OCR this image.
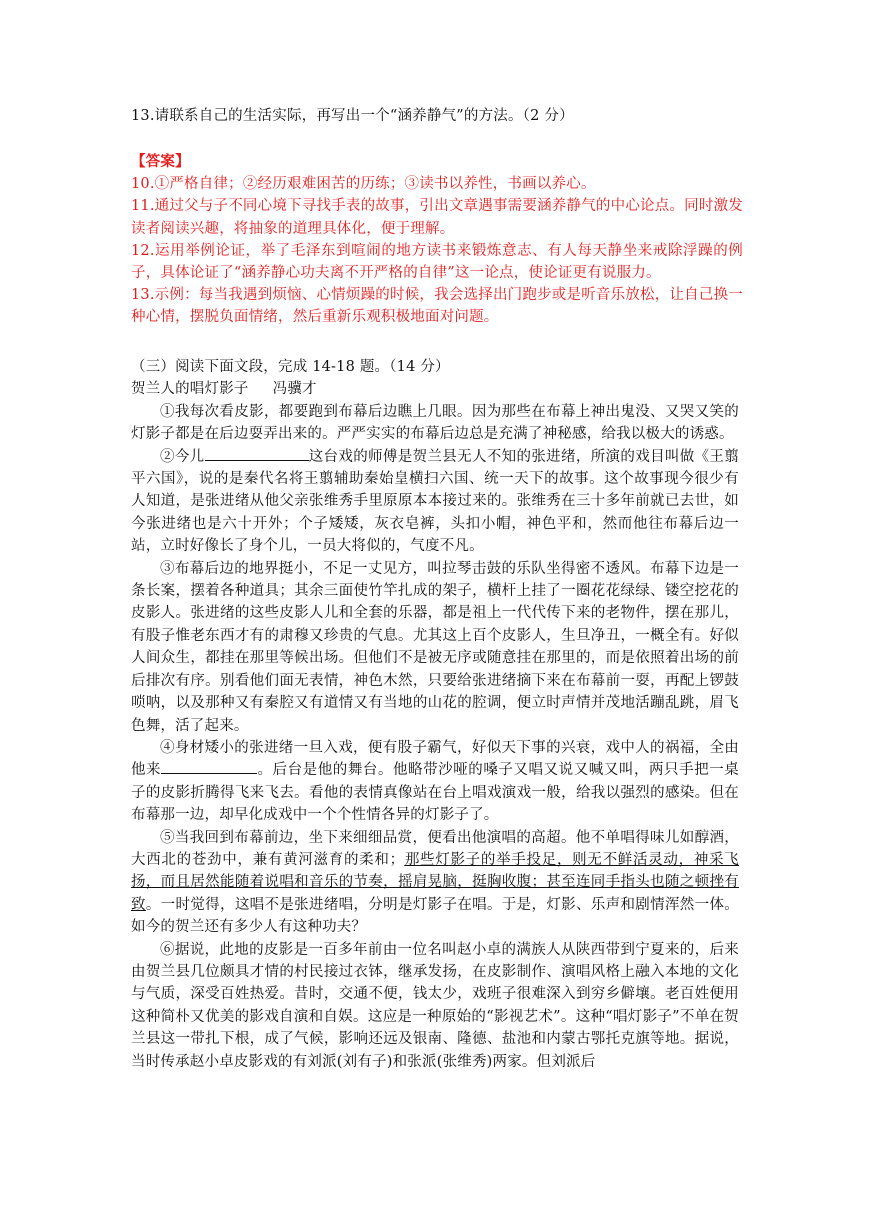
13.请联系自己的生活实际，再写出一个“涵养静气”的方法。（2 分）

【答案】

10.①严格自律；②经历艰难困苦的历练；③读书以养性，书画以养心。

11.通过父与子不同心境下寻找手表的故事，引出文章遇事需要涵养静气的中心论点。同时激发读者阅读兴趣，将抽象的道理具体化，便于理解。

12.运用举例论证，举了毛泽东到喧闹的地方读书来锻炼意志、有人每天静坐来戒除浮躁的例子，具体论证了“涵养静心功夫离不开严格的自律”这一论点，使论证更有说服力。

13.示例：每当我遇到烦恼、心情烦躁的时候，我会选择出门跑步或是听音乐放松，让自己换一种心情，摆脱负面情绪，然后重新乐观积极地面对问题。

（三）阅读下面文段，完成 14-18 题。（14 分）

贺兰人的唱灯影子 冯骥才

①我每次看皮影，都要跑到布幕后边瞧上几眼。因为那些在布幕上神出鬼没、又哭又笑的灯影子都是在后边耍弄出来的。严严实实的布幕后边总是充满了神秘感，给我以极大的诱惑。

②今儿	这台戏的师傅是贺兰县无人不知的张进绪，所演的戏目叫做《王翦平六国》，说的是秦代名将王翦辅助秦始皇横扫六国、统一天下的故事。这个故事现今很少有人知道，是张进绪从他父亲张维秀手里原原本本接过来的。张维秀在三十多年前就已去世，如今张进绪也是六十开外；个子矮矮，灰衣皂裤，头扣小帽，神色平和，然而他往布幕后边一站，立时好像长了身个儿，一员大将似的，气度不凡。

③布幕后边的地界挺小，不足一丈见方，叫拉琴击鼓的乐队坐得密不透风。布幕下边是一条长案，摆着各种道具；其余三面使竹竿扎成的架子，横杆上挂了一圈花花绿绿、镂空挖花的皮影人。张进绪的这些皮影人儿和全套的乐器，都是祖上一代代传下来的老物件，摆在那儿，有股子惟老东西才有的肃穆又珍贵的气息。尤其这上百个皮影人，生旦净丑，一概全有。好似人间众生，都挂在那里等候出场。但他们不是被无序或随意挂在那里的，而是依照着出场的前后排次有序。别看他们面无表情，神色木然，只要给张进绪摘下来在布幕前一耍，再配上锣鼓唢呐，以及那种又有秦腔又有道情又有当地的山花的腔调，便立时声情并茂地活蹦乱跳，眉飞色舞，活了起来。

④身材矮小的张进绪一旦入戏，便有股子霸气，好似天下事的兴衰，戏中人的祸福，全由他来	。后台是他的舞台。他略带沙哑的嗓子又唱又说又喊又叫，两只手把一桌子的皮影折腾得飞来飞去。看他的表情真像站在台上唱戏演戏一般，给我以强烈的感染。但在布幕那一边，却早化成戏中一个个性情各异的灯影子了。

⑤当我回到布幕前边，坐下来细细品赏，便看出他演唱的高超。他不单唱得味儿如醇酒，大西北的苍劲中，兼有黄河滋育的柔和；那些灯影子的举手投足，则无不鲜活灵动，神采飞扬，而且居然能随着说唱和音乐的节奏，摇肩晃脑，挺胸收腹；甚至连同手指头也随之顿挫有致。一时觉得，这唱不是张进绪唱，分明是灯影子在唱。于是，灯影、乐声和剧情浑然一体。如今的贺兰还有多少人有这种功夫？

⑥据说，此地的皮影是一百多年前由一位名叫赵小卓的满族人从陕西带到宁夏来的，后来由贺兰县几位颇具才情的村民接过衣钵，继承发扬，在皮影制作、演唱风格上融入本地的文化与气质，深受百姓热爱。昔时，交通不便，钱太少，戏班子很难深入到穷乡僻壤。老百姓便用这种简朴又优美的影戏自演和自娱。这应是一种原始的“影视艺术”。这种“唱灯影子”不单在贺兰县这一带扎下根，成了气候，影响还远及银南、隆德、盐池和内蒙古鄂托克旗等地。据说，当时传承赵小卓皮影戏的有刘派(刘有子)和张派(张维秀)两家。但刘派后
